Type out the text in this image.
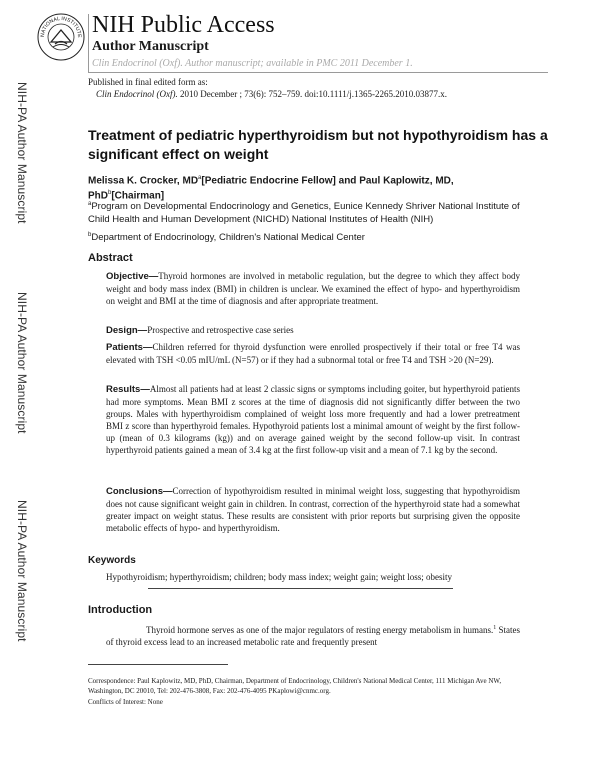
NATIONAL INSTITUTE NIH Public Access
Author Manuscript
Clin Endocrinol (Oxf). Author manuscript; available in PMC 2011 December 1.
NIH-PA Author Manuscript
NIH-PA Author Manuscript
NIH-PA Author Manuscript
Published in final edited form as:
Clin Endocrinol (Oxf). 2010 December ; 73(6): 752–759. doi:10.1111/j.1365-2265.2010.03877.x.
Treatment of pediatric hyperthyroidism but not hypothyroidism has a significant effect on weight
Melissa K. Crocker, $MD^a[Pediatric$ Endocrine Fellow] and Paul Kaplowitz, MD, PhD$^b$[Chairman]
$^a$Program on Developmental Endocrinology and Genetics, Eunice Kennedy Shriver National Institute of Child Health and Human Development (NICHD) National Institutes of Health (NIH)
$^b$Department of Endocrinology, Children's National Medical Center
Abstract
Objective—Thyroid hormones are involved in metabolic regulation, but the degree to which they affect body weight and body mass index (BMI) in children is unclear. We examined the effect of hypo- and hyperthyroidism on weight and BMI at the time of diagnosis and after appropriate treatment.
Design—Prospective and retrospective case series
Patients—Children referred for thyroid dysfunction were enrolled prospectively if their total or free T4 was elevated with TSH <0.05 mIU/mL (N=57) or if they had a subnormal total or free T4 and TSH >20 (N=29).
Results—Almost all patients had at least 2 classic signs or symptoms including goiter, but hyperthyroid patients had more symptoms. Mean BMI z scores at the time of diagnosis did not significantly differ between the two groups. Males with hyperthyroidism complained of weight loss more frequently and had a lower pretreatment BMI z score than hyperthyroid females. Hypothyroid patients lost a minimal amount of weight by the first follow-up (mean of 0.3 kilograms (kg)) and on average gained weight by the second follow-up visit. In contrast hyperthyroid patients gained a mean of 3.4 kg at the first follow-up visit and a mean of 7.1 kg by the second.
Conclusions—Correction of hypothyroidism resulted in minimal weight loss, suggesting that hypothyroidism does not cause significant weight gain in children. In contrast, correction of the hyperthyroid state had a somewhat greater impact on weight status. These results are consistent with prior reports but surprising given the opposite metabolic effects of hypo- and hyperthyroidism.
Keywords
Hypothyroidism; hyperthyroidism; children; body mass index; weight gain; weight loss; obesity
Introduction
Thyroid hormone serves as one of the major regulators of resting energy metabolism in humans.$^1$ States of thyroid excess lead to an increased metabolic rate and frequently present
Correspondence: Paul Kaplowitz, MD, PhD, Chairman, Department of Endocrinology, Children's National Medical Center, 111 Michigan Ave NW, Washington, DC 20010, Tel: 202-476-3808, Fax: 202-476-4095 PKaplowi@cnmc.org.
Conflicts of Interest: None
